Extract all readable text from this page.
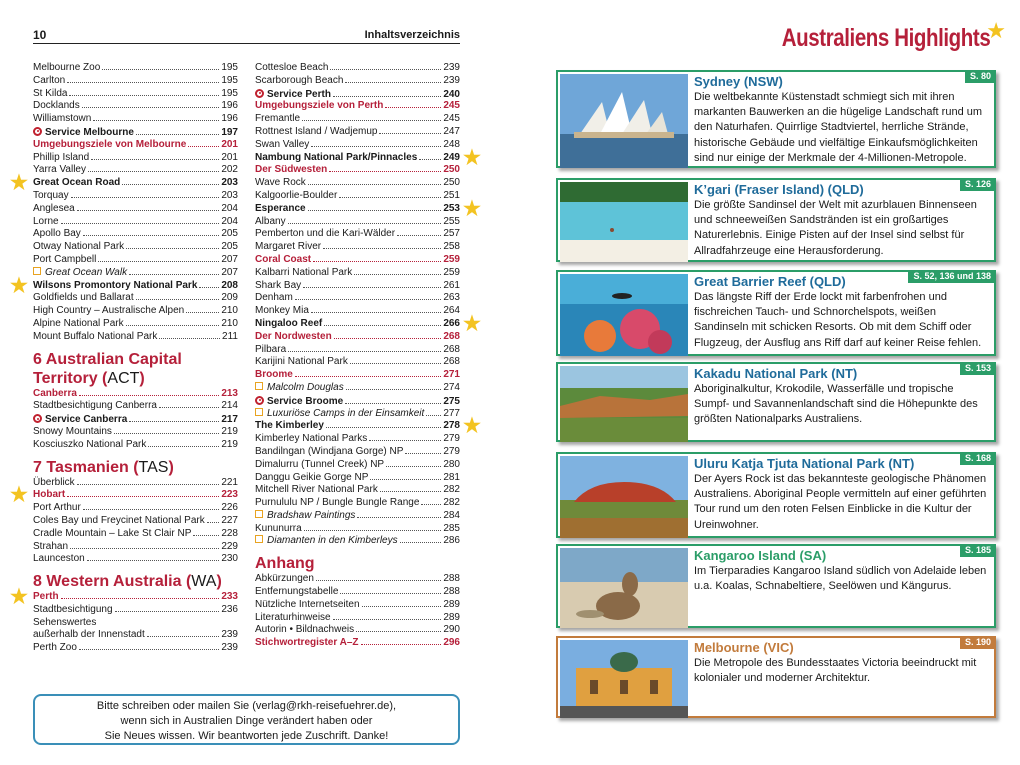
10	Inhaltsverzeichnis
Melbourne Zoo	195
Carlton	195
St Kilda	195
Docklands	196
Williamstown	196
Service Melbourne	197
Umgebungsziele von Melbourne	201
Phillip Island	201
Yarra Valley	202
Great Ocean Road	203
★
Torquay	203
Anglesea	204
Lorne	204
Apollo Bay	205
Otway National Park	205
Port Campbell	207
Great Ocean Walk	207
Wilsons Promontory National Park 208
★
Goldfields und Ballarat	209
High Country – Australische Alpen	210
Alpine National Park	210
Mount Buffalo National Park	211
6 Australian Capital Territory (ACT)
Canberra	213
Stadtbesichtigung Canberra	214
Service Canberra	217
Snowy Mountains	219
Kosciuszko National Park	219
7 Tasmanien (TAS)
Überblick	221
Hobart	223
★
Port Arthur	226
Coles Bay und Freycinet National Park 227
Cradle Mountain – Lake St Clair NP	228
Strahan	229
Launceston	230
8 Western Australia (WA)
Perth	233
★
Stadtbesichtigung	236
Sehenswertes
außerhalb der Innenstadt	239
Perth Zoo	239
Cottesloe Beach	239
Scarborough Beach	239
Service Perth	240
Umgebungsziele von Perth	245
Fremantle	245
Rottnest Island / Wadjemup	247
Swan Valley	248
Nambung National Park/Pinnacles	249 ★
Der Südwesten	250
Wave Rock	250
Kalgoorlie-Boulder	251
Esperance	253 ★
Albany	255
Pemberton und die Kari-Wälder	257
Margaret River	258
Coral Coast	259
Kalbarri National Park	259
Shark Bay	261
Denham	263
Monkey Mia	264
Ningaloo Reef	266 ★
Der Nordwesten	268
Pilbara	268
Karijini National Park	268
Broome	271
Malcolm Douglas	274
Service Broome	275
Luxuriöse Camps in der Einsamkeit 277
The Kimberley	278 ★
Kimberley National Parks	279
Bandilngan (Windjana Gorge) NP	279
Dimalurru (Tunnel Creek) NP	280
Danggu Geikie Gorge NP	281
Mitchell River National Park	282
Purnululu NP / Bungle Bungle Range 282
Bradshaw Paintings	284
Kununurra	285
Diamanten in den Kimberleys	286
Anhang
Abkürzungen	288
Entfernungstabelle	288
Nützliche Internetseiten	289
Literaturhinweise	289
Autorin • Bildnachweis	290
Stichwortregister A–Z	296
Bitte schreiben oder mailen Sie (verlag@rkh-reisefuehrer.de),
wenn sich in Australien Dinge verändert haben oder
Sie Neues wissen. Wir beantworten jede Zuschrift. Danke!
Australiens Highlights
★
Sydney (NSW)
Die weltbekannte Küstenstadt schmiegt sich mit ihren markanten Bauwerken an die hügelige Landschaft rund um den Naturhafen. Quirrlige Stadtviertel, herrliche Strände, historische Gebäude und vielfältige Einkaufsmöglichkeiten sind nur einige der Merkmale der 4-Millionen-Metropole.
S. 80
K’gari (Fraser Island) (QLD)
Die größte Sandinsel der Welt mit azurblauen Binnenseen und schneeweißen Sandstränden ist ein großartiges Naturerlebnis. Einige Pisten auf der Insel sind selbst für Allradfahrzeuge eine Herausforderung.
S. 126
Great Barrier Reef (QLD)
Das längste Riff der Erde lockt mit farbenfrohen und fischreichen Tauch- und Schnorchelspots, weißen Sandinseln mit schicken Resorts. Ob mit dem Schiff oder Flugzeug, der Ausflug ans Riff darf auf keiner Reise fehlen.
S. 52, 136 und 138
Kakadu National Park (NT)
Aboriginalkultur, Krokodile, Wasserfälle und tropische Sumpf- und Savannenlandschaft sind die Höhepunkte des größten Nationalparks Australiens.
S. 153
Uluru Katja Tjuta National Park (NT)
Der Ayers Rock ist das bekannteste geologische Phänomen Australiens. Aboriginal People vermitteln auf einer geführten Tour rund um den roten Felsen Einblicke in die Kultur der Ureinwohner.
S. 168
Kangaroo Island (SA)
Im Tierparadies Kangaroo Island südlich von Adelaide leben u.a. Koalas, Schnabeltiere, Seelöwen und Kängurus.
S. 185
Melbourne (VIC)
Die Metropole des Bundesstaates Victoria beeindruckt mit kolonialer und moderner Architektur.
S. 190
